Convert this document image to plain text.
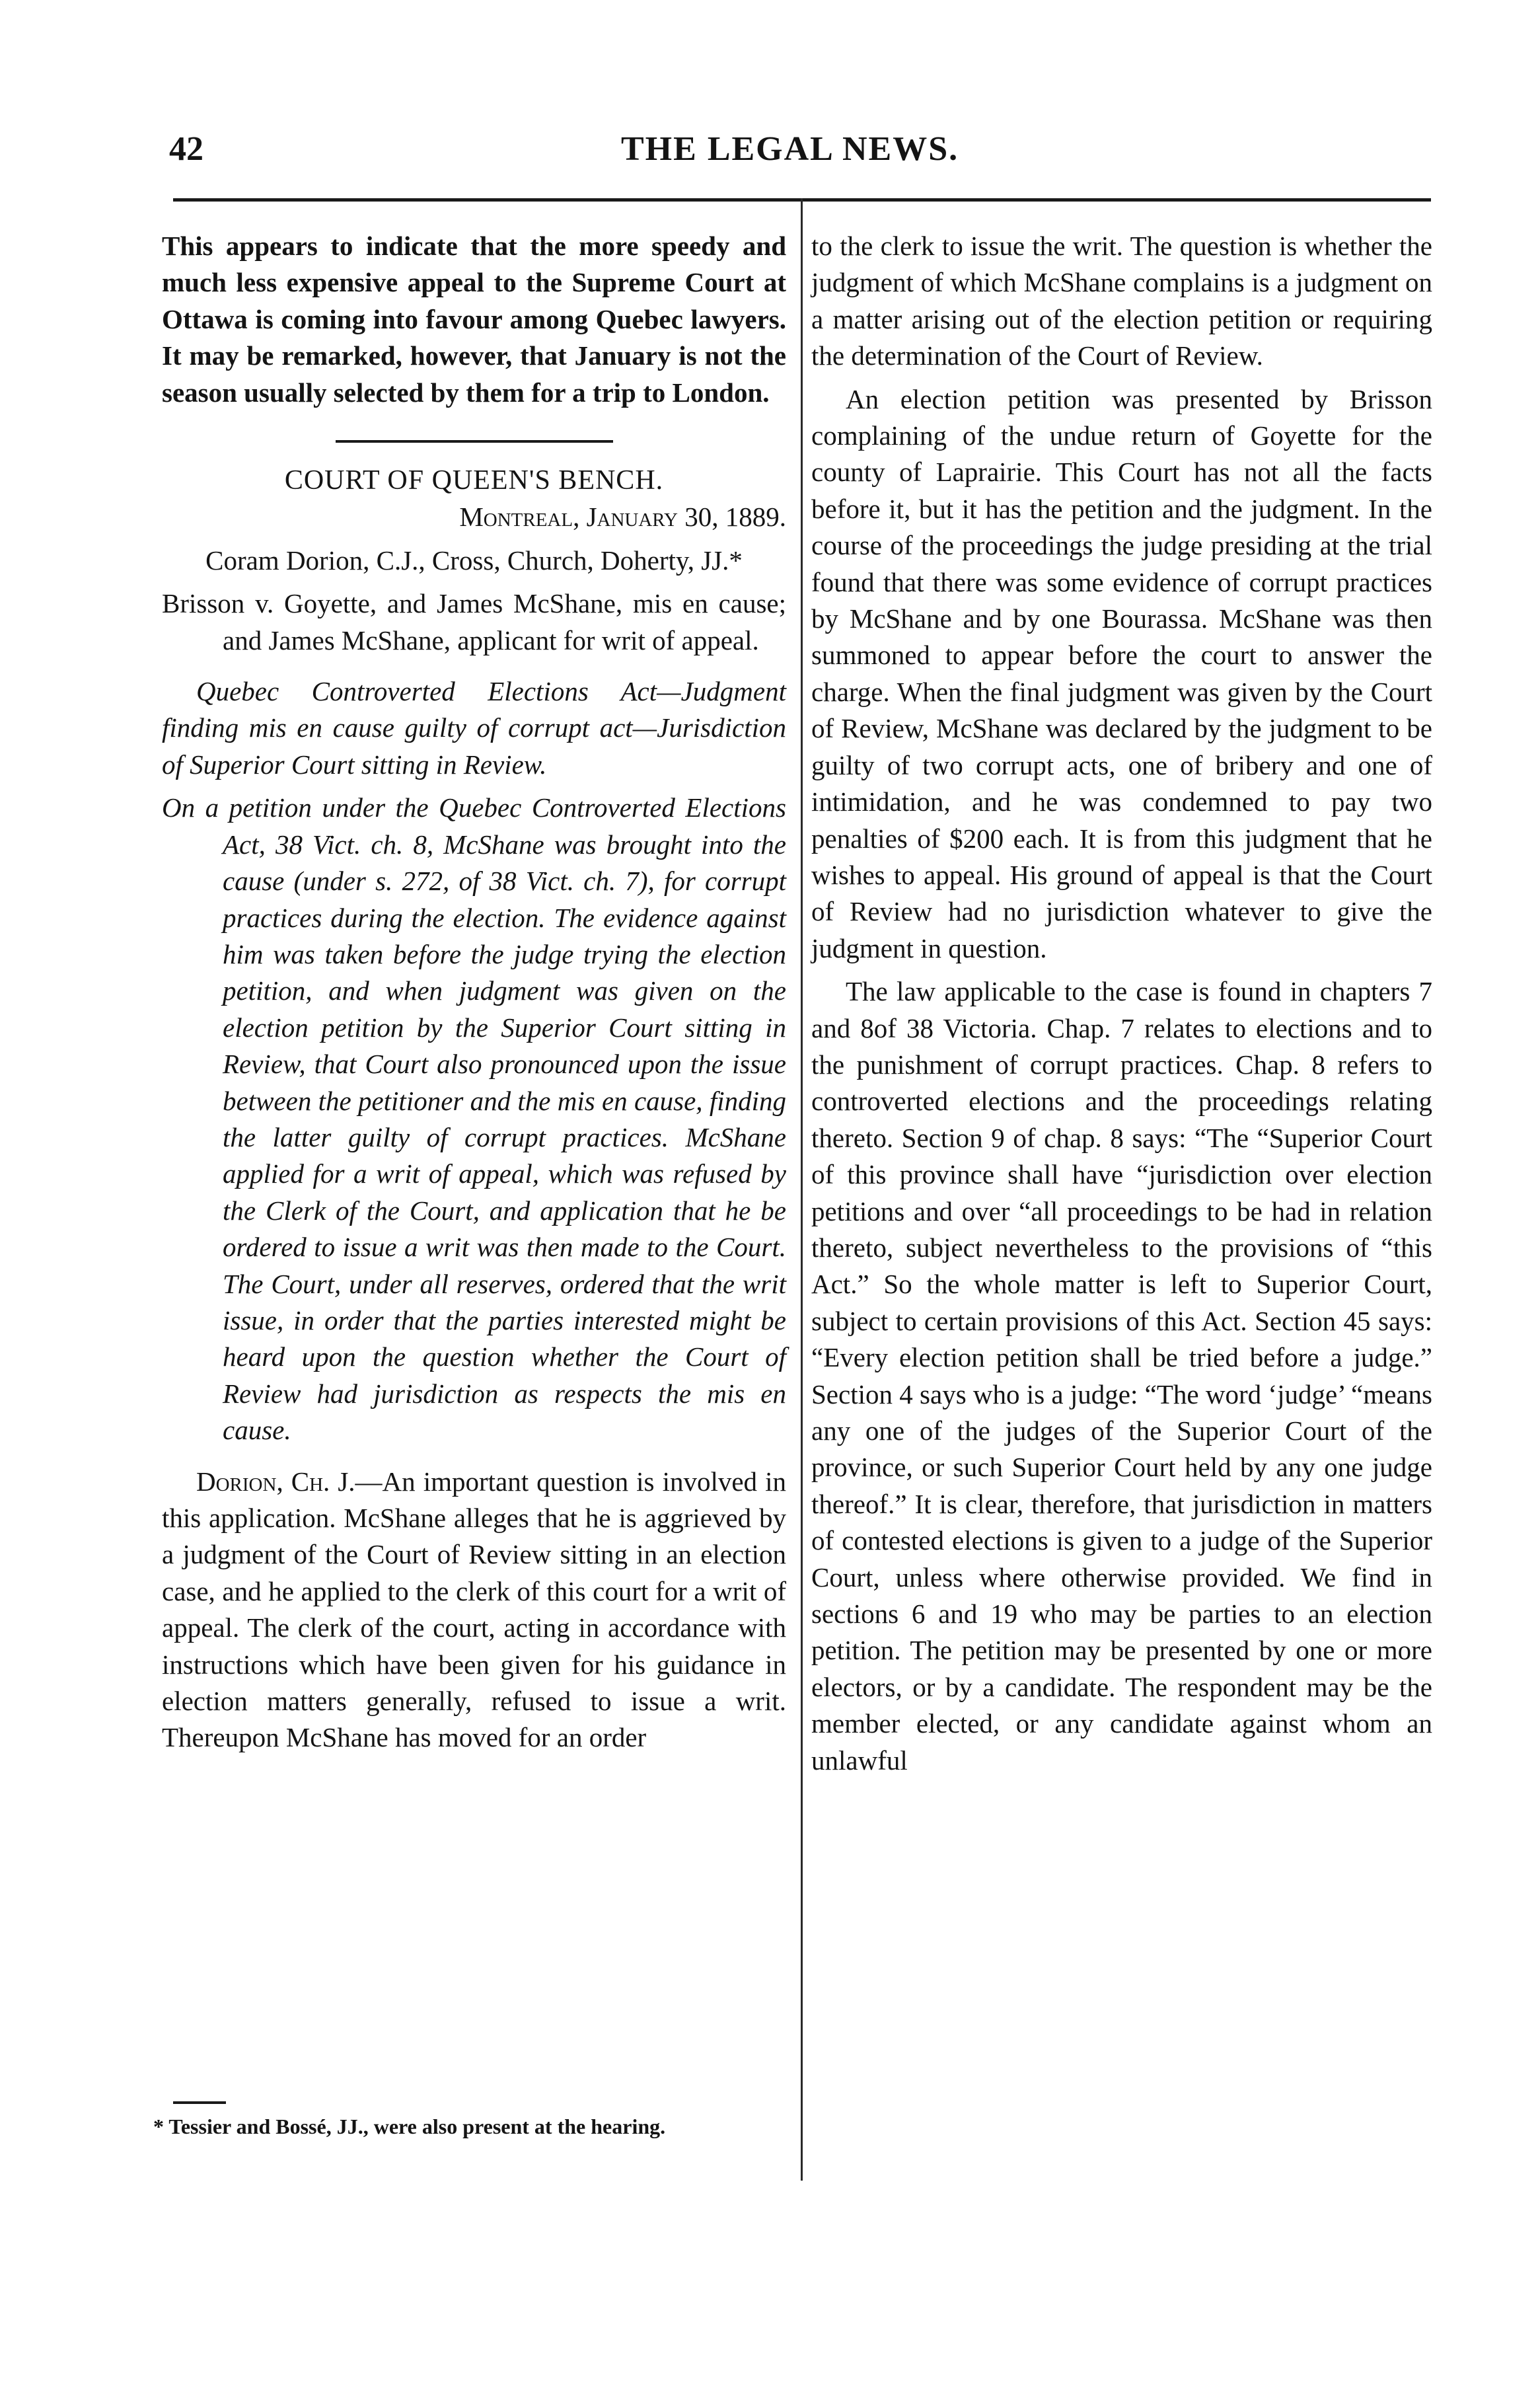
42	THE LEGAL NEWS.

This appears to indicate that the more speedy and much less expensive appeal to the Supreme Court at Ottawa is coming into favour among Quebec lawyers. It may be remarked, however, that January is not the season usually selected by them for a trip to London.

COURT OF QUEEN'S BENCH.

Montreal, January 30, 1889.

Coram Dorion, C.J., Cross, Church, Doherty, JJ.*

Brisson v. Goyette, and James McShane, mis en cause; and James McShane, applicant for writ of appeal.

Quebec Controverted Elections Act—Judgment finding mis en cause guilty of corrupt act—Jurisdiction of Superior Court sitting in Review.

On a petition under the Quebec Controverted Elections Act, 38 Vict. ch. 8, McShane was brought into the cause (under s. 272, of 38 Vict. ch. 7), for corrupt practices during the election. The evidence against him was taken before the judge trying the election petition, and when judgment was given on the election petition by the Superior Court sitting in Review, that Court also pronounced upon the issue between the petitioner and the mis en cause, finding the latter guilty of corrupt practices. McShane applied for a writ of appeal, which was refused by the Clerk of the Court, and application that he be ordered to issue a writ was then made to the Court. The Court, under all reserves, ordered that the writ issue, in order that the parties interested might be heard upon the question whether the Court of Review had jurisdiction as respects the mis en cause.

Dorion, Ch. J.—An important question is involved in this application. McShane alleges that he is aggrieved by a judgment of the Court of Review sitting in an election case, and he applied to the clerk of this court for a writ of appeal. The clerk of the court, acting in accordance with instructions which have been given for his guidance in election matters generally, refused to issue a writ. Thereupon McShane has moved for an order

* Tessier and Bossé, JJ., were also present at the hearing.

to the clerk to issue the writ. The question is whether the judgment of which McShane complains is a judgment on a matter arising out of the election petition or requiring the determination of the Court of Review.

An election petition was presented by Brisson complaining of the undue return of Goyette for the county of Laprairie. This Court has not all the facts before it, but it has the petition and the judgment. In the course of the proceedings the judge presiding at the trial found that there was some evidence of corrupt practices by McShane and by one Bourassa. McShane was then summoned to appear before the court to answer the charge. When the final judgment was given by the Court of Review, McShane was declared by the judgment to be guilty of two corrupt acts, one of bribery and one of intimidation, and he was condemned to pay two penalties of $200 each. It is from this judgment that he wishes to appeal. His ground of appeal is that the Court of Review had no jurisdiction whatever to give the judgment in question.

The law applicable to the case is found in chapters 7 and 8of 38 Victoria. Chap. 7 relates to elections and to the punishment of corrupt practices. Chap. 8 refers to controverted elections and the proceedings relating thereto. Section 9 of chap. 8 says: “The “Superior Court of this province shall have “jurisdiction over election petitions and over “all proceedings to be had in relation thereto, subject nevertheless to the provisions of “this Act.” So the whole matter is left to Superior Court, subject to certain provisions of this Act. Section 45 says: “Every election petition shall be tried before a judge.” Section 4 says who is a judge: “The word ‘judge’ “means any one of the judges of the Superior Court of the province, or such Superior Court held by any one judge thereof.” It is clear, therefore, that jurisdiction in matters of contested elections is given to a judge of the Superior Court, unless where otherwise provided. We find in sections 6 and 19 who may be parties to an election petition. The petition may be presented by one or more electors, or by a candidate. The respondent may be the member elected, or any candidate against whom an unlawful
